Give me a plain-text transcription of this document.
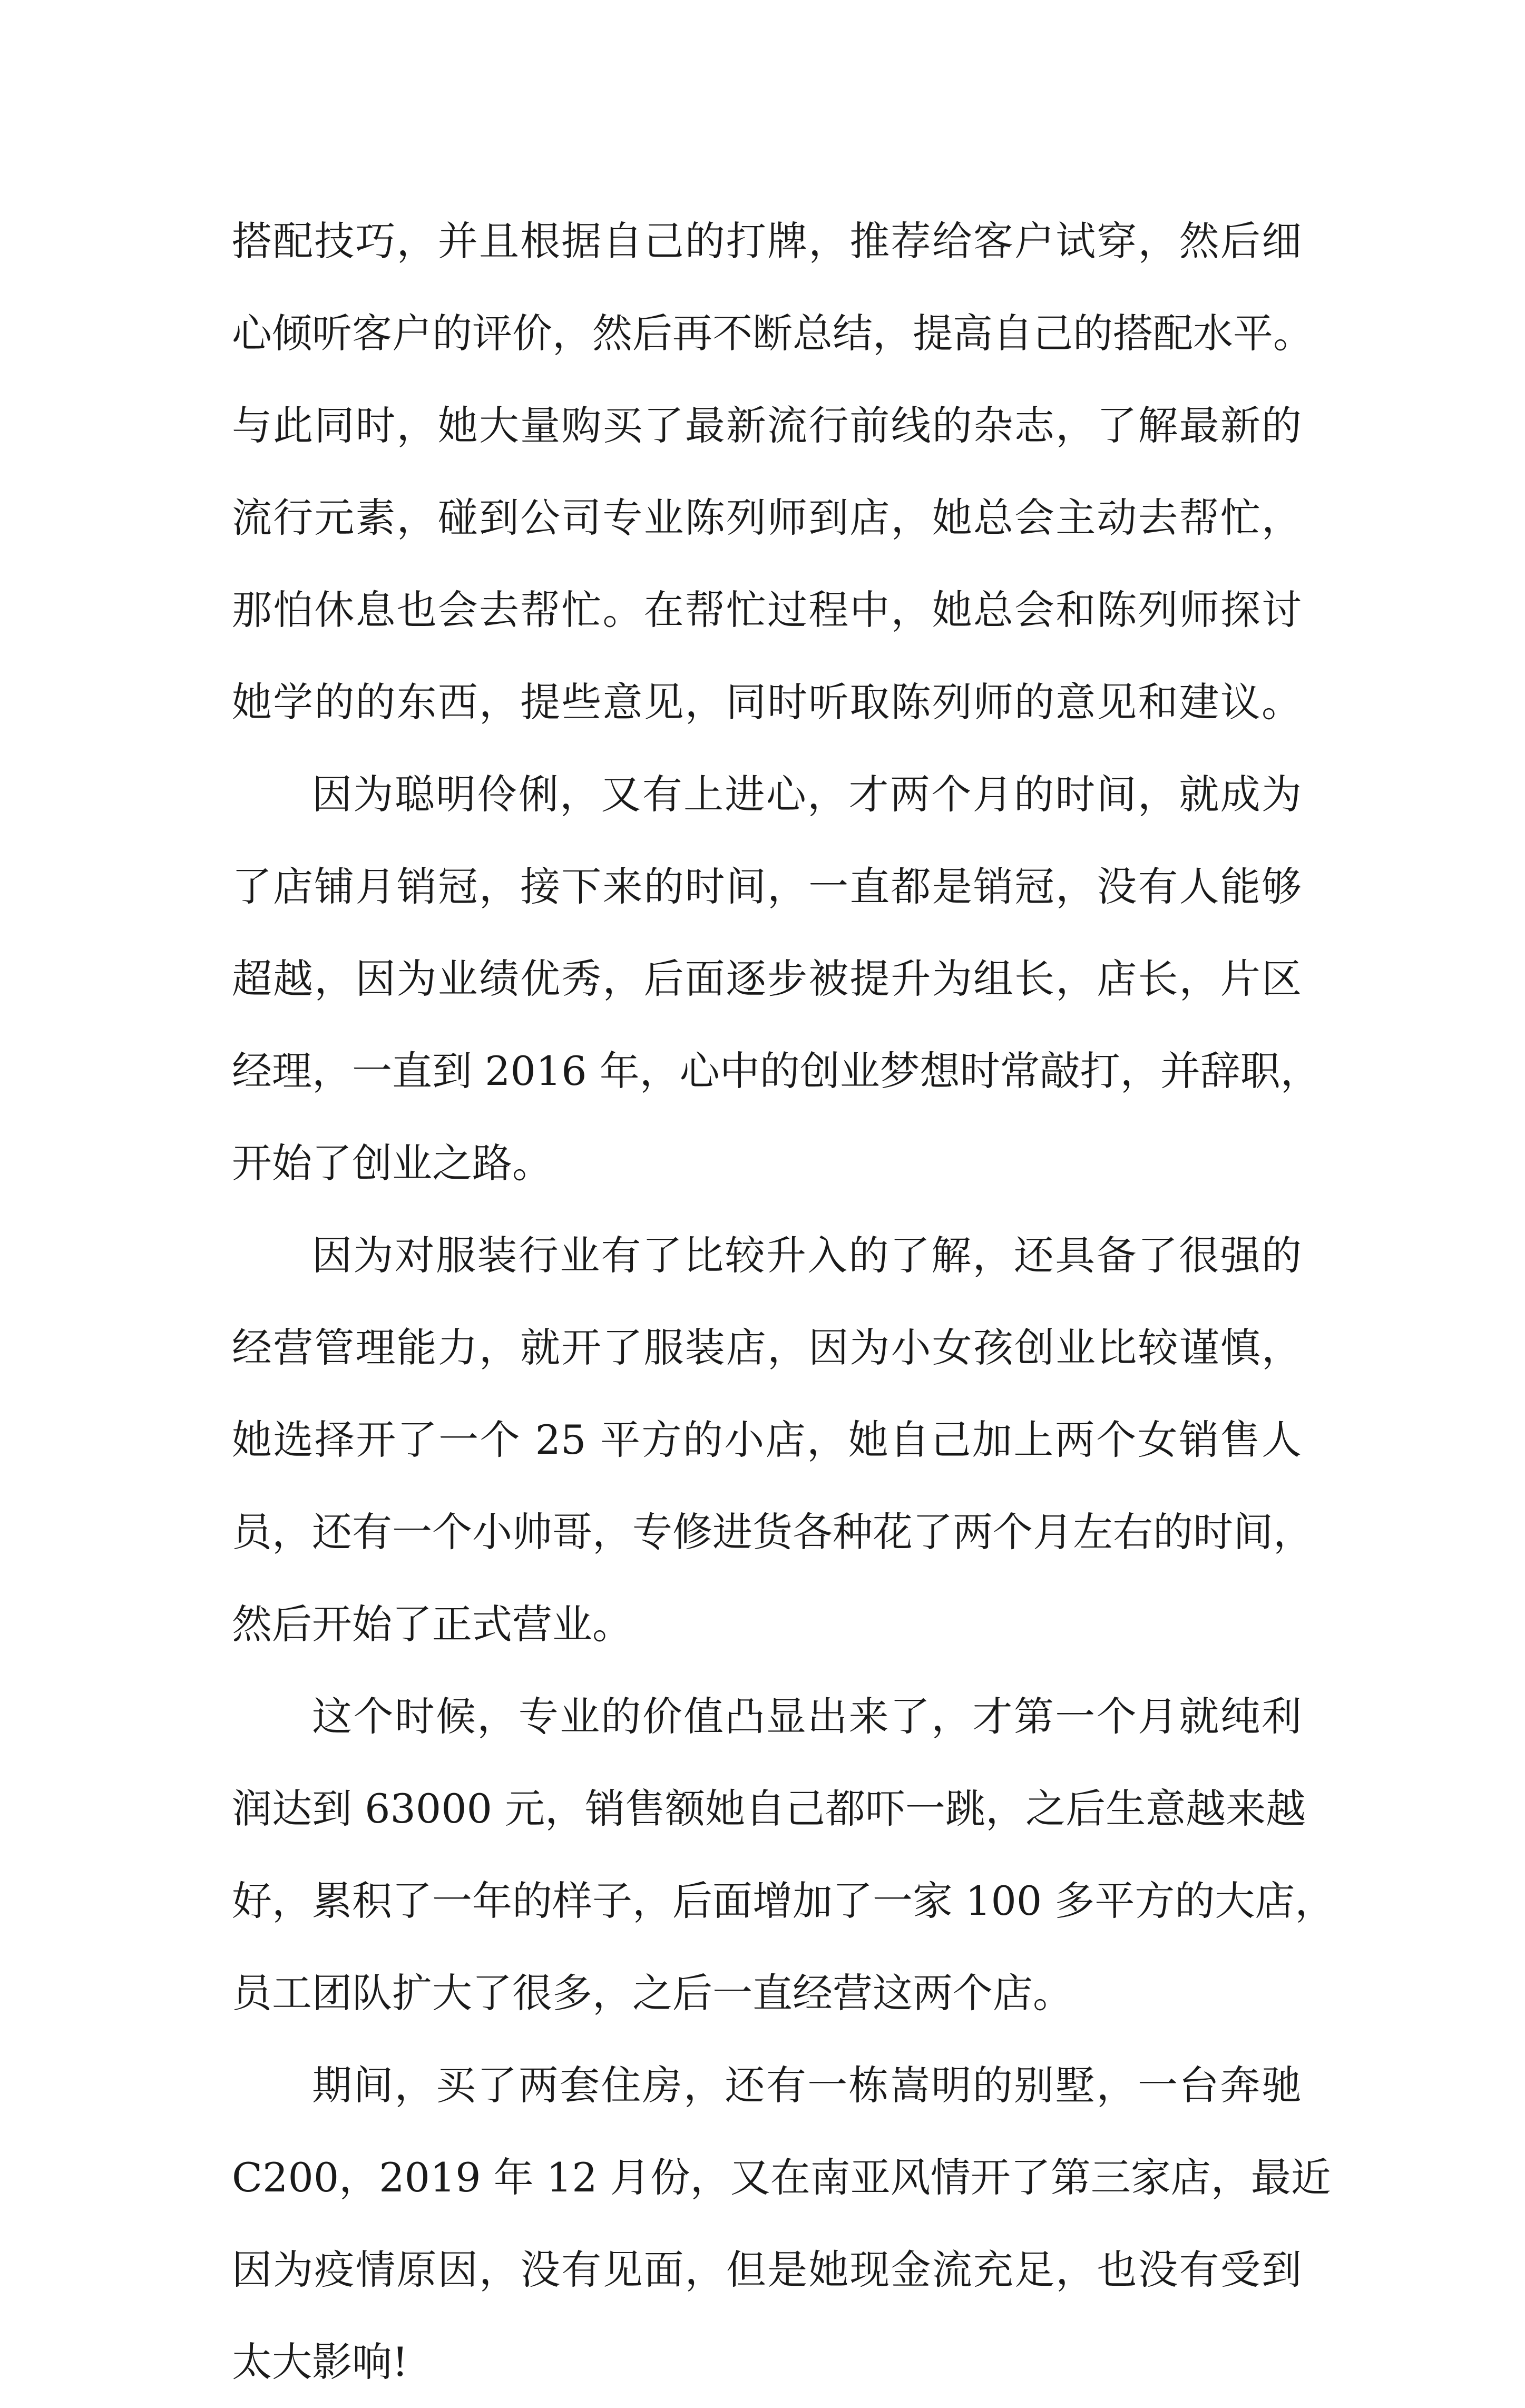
搭配技巧，并且根据自己的打牌，推荐给客户试穿，然后细
心倾听客户的评价，然后再不断总结，提高自己的搭配水平。
与此同时，她大量购买了最新流行前线的杂志，了解最新的
流行元素，碰到公司专业陈列师到店，她总会主动去帮忙，
那怕休息也会去帮忙。在帮忙过程中，她总会和陈列师探讨
她学的的东西，提些意见，同时听取陈列师的意见和建议。
因为聪明伶俐，又有上进心，才两个月的时间，就成为
了店铺月销冠，接下来的时间，一直都是销冠，没有人能够
超越，因为业绩优秀，后面逐步被提升为组长，店长，片区
经理，一直到 2016 年，心中的创业梦想时常敲打，并辞职，
开始了创业之路。
因为对服装行业有了比较升入的了解，还具备了很强的
经营管理能力，就开了服装店，因为小女孩创业比较谨慎，
她选择开了一个 25 平方的小店，她自己加上两个女销售人
员，还有一个小帅哥，专修进货各种花了两个月左右的时间，
然后开始了正式营业。
这个时候，专业的价值凸显出来了，才第一个月就纯利
润达到 63000 元，销售额她自己都吓一跳，之后生意越来越
好，累积了一年的样子，后面增加了一家 100 多平方的大店，
员工团队扩大了很多，之后一直经营这两个店。
期间，买了两套住房，还有一栋嵩明的别墅，一台奔驰
C200，2019 年 12 月份，又在南亚风情开了第三家店，最近
因为疫情原因，没有见面，但是她现金流充足，也没有受到
太大影响!
